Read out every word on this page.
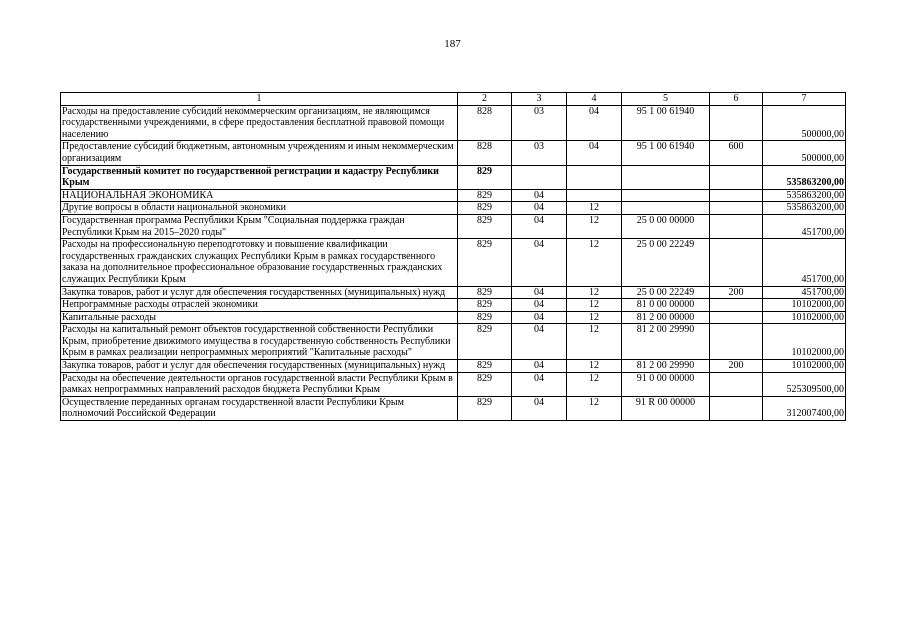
187
1	2	3	4	5	6	7
Расходы на предоставление субсидий некоммерческим организациям, не являющимся государственными учреждениями, в сфере предоставления бесплатной правовой помощи населению	828	03	04	95 1 00 61940		500000,00
Предоставление субсидий бюджетным, автономным учреждениям и иным некоммерческим организациям	828	03	04	95 1 00 61940	600	500000,00
Государственный комитет по государственной регистрации и кадастру Республики Крым	829					535863200,00
НАЦИОНАЛЬНАЯ ЭКОНОМИКА	829	04				535863200,00
Другие вопросы в области национальной экономики	829	04	12			535863200,00
Государственная программа Республики Крым "Социальная поддержка граждан Республики Крым на 2015–2020 годы"	829	04	12	25 0 00 00000		451700,00
Расходы на профессиональную переподготовку и повышение квалификации государственных гражданских служащих Республики Крым в рамках государственного заказа на дополнительное профессиональное образование государственных гражданских служащих Республики Крым	829	04	12	25 0 00 22249		451700,00
Закупка товаров, работ и услуг для обеспечения государственных (муниципальных) нужд	829	04	12	25 0 00 22249	200	451700,00
Непрограммные расходы отраслей экономики	829	04	12	81 0 00 00000		10102000,00
Капитальные расходы	829	04	12	81 2 00 00000		10102000,00
Расходы на капитальный ремонт объектов государственной собственности Республики Крым, приобретение движимого имущества в государственную собственность Республики Крым в рамках реализации непрограммных мероприятий "Капитальные расходы"	829	04	12	81 2 00 29990		10102000,00
Закупка товаров, работ и услуг для обеспечения государственных (муниципальных) нужд	829	04	12	81 2 00 29990	200	10102000,00
Расходы на обеспечение деятельности органов государственной власти Республики Крым в рамках непрограммных направлений расходов бюджета Республики Крым	829	04	12	91 0 00 00000		525309500,00
Осуществление переданных органам государственной власти Республики Крым полномочий Российской Федерации	829	04	12	91 R 00 00000		312007400,00
